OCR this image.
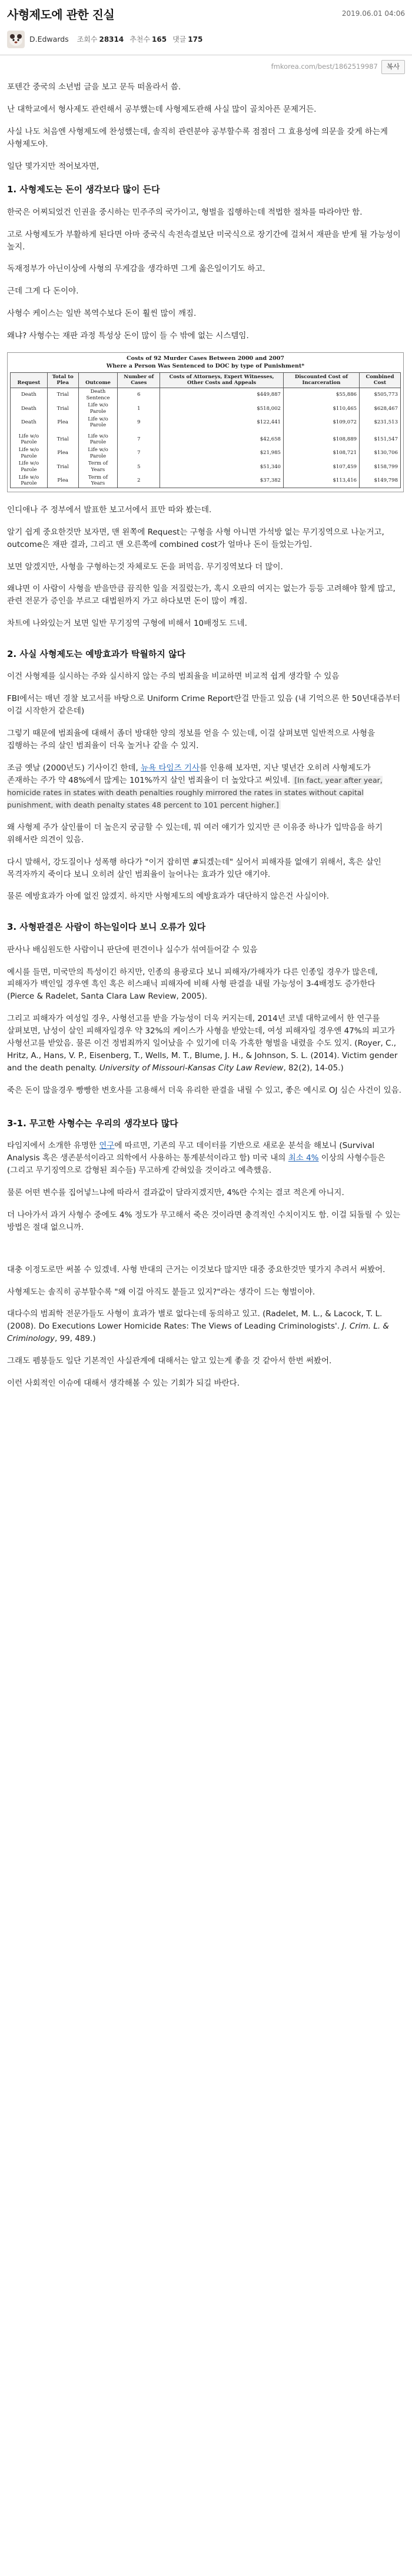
사형제도에 관한 진실	2019.06.01 04:06
D.Edwards 조회수 28314 추천수 165 댓글 175
fmkorea.com/best/1862519987	복사
포텐간 중국의 소년범 글을 보고 문득 떠올라서 씀.
난 대학교에서 형사제도 관련해서 공부했는데 사형제도관해 사실 많이 골치아픈 문제거든.
사실 나도 처음엔 사형제도에 찬성했는데, 솔직히 관련분야 공부할수록 점점더 그 효용성에 의문을 갖게 하는게 사형제도야.
일단 몇가지만 적어보자면,
1. 사형제도는 돈이 생각보다 많이 든다
한국은 어찌되었건 인권을 중시하는 민주주의 국가이고, 형벌을 집행하는데 적법한 절차를 따라야만 함.
고로 사형제도가 부활하게 된다면 아마 중국식 속전속결보단 미국식으로 장기간에 걸쳐서 재판을 받게 될 가능성이 높지.
독재정부가 아닌이상에 사형의 무게감을 생각하면 그게 옳은일이기도 하고.
근데 그게 다 돈이야.
사형수 케이스는 일반 복역수보다 돈이 훨씬 많이 깨짐.
왜냐? 사형수는 재판 과정 특성상 돈이 많이 들 수 밖에 없는 시스템임.
Costs of 92 Murder Cases Between 2000 and 2007
Where a Person Was Sentenced to DOC by type of Punishment*
Request	Total to Plea	Outcome	Number of Cases	Costs of Attorneys, Expert Witnesses, Other Costs and Appeals	Discounted Cost of Incarceration	Combined Cost
Death	Trial	Death Sentence	6	$449,887	$55,886	$505,773
Death	Trial	Life w/o Parole	1	$518,002	$110,465	$628,467
Death	Plea	Life w/o Parole	9	$122,441	$109,072	$231,513

Life w/o Parole	Trial	Life w/o Parole	7	$42,658	$108,889	$151,547
Life w/o Parole	Plea	Life w/o Parole	7	$21,985	$108,721	$130,706
Life w/o Parole	Trial	Term of Years	5	$51,340	$107,459	$158,799
Life w/o Parole	Plea	Term of Years	2	$37,382	$113,416	$149,798
인디애나 주 정부에서 발표한 보고서에서 표만 따와 봤는데.
알기 쉽게 중요한것만 보자면, 맨 왼쪽에 Request는 구형을 사형 아니면 가석방 없는 무기징역으로 나눈거고, outcome은 재판 결과, 그리고 맨 오른쪽에 combined cost가 얼마나 돈이 들었는가임.
보면 알겠지만, 사형을 구형하는것 자체로도 돈을 퍼먹음. 무기징역보다 더 많이.
왜냐면 이 사람이 사형을 받을만큼 끔직한 일을 저질렀는가, 혹시 오판의 여지는 없는가 등등 고려해야 할게 많고, 관련 전문가 증인을 부르고 대법원까지 가고 하다보면 돈이 많이 깨짐.
차트에 나와있는거 보면 일반 무기징역 구형에 비해서 10배정도 드네.
2. 사실 사형제도는 예방효과가 탁월하지 않다
이건 사형제를 실시하는 주와 실시하지 않는 주의 범죄율을 비교하면 비교적 쉽게 생각할 수 있음
FBI에서는 매년 경찰 보고서를 바탕으로 Uniform Crime Report란걸 만들고 있음 (내 기억으론 한 50년대즘부터 이걸 시작한거 같은데)
그렇기 때문에 범죄율에 대해서 좀더 방대한 양의 정보를 얻을 수 있는데, 이걸 살펴보면 일반적으로 사형을 집행하는 주의 살인 범죄율이 더욱 높거나 같을 수 있지.
조금 옛날 (2000년도) 기사이긴 한데, 뉴욕 타임즈 기사를 인용해 보자면, 지난 몇년간 오히려 사형제도가 존재하는 주가 약 48%에서 많게는 101%까지 살인 범죄율이 더 높았다고 써있네. [In fact, year after year, homicide rates in states with death penalties roughly mirrored the rates in states without capital punishment, with death penalty states 48 percent to 101 percent higher.]
왜 사형제 주가 살인률이 더 높은지 궁금할 수 있는데, 뭐 여러 얘기가 있지만 큰 이유중 하나가 입막음을 하기 위해서란 의견이 있음.
다시 말해서, 강도질이나 성폭행 하다가 "이거 잡히면 #되겠는데" 싶어서 피해자를 없애기 위해서, 혹은 살인 목격자까지 죽이다 보니 오히려 살인 범죄율이 늘어나는 효과가 있단 얘기야.
물론 예방효과가 아예 없진 않겠지. 하지만 사형제도의 예방효과가 대단하지 않은건 사실이야.
3. 사형판결은 사람이 하는일이다 보니 오류가 있다
판사나 배심원도한 사람이니 판단에 편견이나 실수가 섞여들어갈 수 있음
예시를 들면, 미국만의 특성이긴 하지만, 인종의 용광로다 보니 피해자/가해자가 다른 인종일 경우가 많은데, 피해자가 백인일 경우엔 흑인 혹은 히스패닉 피해자에 비해 사형 판결을 내릴 가능성이 3-4배정도 증가한다 (Pierce & Radelet, Santa Clara Law Review, 2005).
그리고 피해자가 여성일 경우, 사형선고를 받을 가능성이 더욱 커지는데, 2014년 코넬 대학교에서 한 연구를 살펴보면, 남성이 살인 피해자일경우 약 32%의 케이스가 사형을 받았는데, 여성 피해자일 경우엔 47%의 피고가 사형선고를 받았음. 물론 이건 정범죄까지 일어났을 수 있기에 더욱 가혹한 형벌을 내렸을 수도 있지. (Royer, C., Hritz, A., Hans, V. P., Eisenberg, T., Wells, M. T., Blume, J. H., & Johnson, S. L. (2014). Victim gender and the death penalty. University of Missouri-Kansas City Law Review, 82(2), 14-05.)
죽은 돈이 많을경우 빵빵한 변호사를 고용해서 더욱 유리한 판결을 내릴 수 있고, 좋은 예시로 OJ 심슨 사건이 있음.
3-1. 무고한 사형수는 우리의 생각보다 많다
타임지에서 소개한 유명한 연구에 따르면, 기존의 무고 데이터를 기반으로 새로운 분석을 해보니 (Survival Analysis 혹은 생존분석이라고 의학에서 사용하는 통계분석이라고 함) 미국 내의 최소 4% 이상의 사형수들은 (그리고 무기징역으로 감형된 죄수들) 무고하게 갇혀있을 것이라고 예측했음.
물론 어떤 변수를 집어넣느냐에 따라서 결과값이 달라지겠지만, 4%란 수치는 결코 적은게 아니지.
더 나아가서 과거 사형수 중에도 4% 정도가 무고해서 죽은 것이라면 충격적인 수치이지도 함. 이걸 되돌릴 수 있는 방법은 절대 없으니까.
대충 이정도로만 써볼 수 있겠네. 사형 반대의 근거는 이것보다 많지만 대중 중요한것만 몇가지 추려서 써봤어.
사형제도는 솔직히 공부할수록 "왜 이걸 아직도 붙들고 있지?"라는 생각이 드는 형벌이야.
대다수의 범죄학 전문가들도 사형이 효과가 별로 없다는데 동의하고 있고. (Radelet, M. L., & Lacock, T. L. (2008). Do Executions Lower Homicide Rates: The Views of Leading Criminologists'. J. Crim. L. & Criminology, 99, 489.)
그래도 펨붕들도 일단 기본적인 사실관계에 대해서는 알고 있는게 좋을 것 같아서 한번 써봤어.
이런 사회적인 이슈에 대해서 생각해볼 수 있는 기회가 되길 바란다.
